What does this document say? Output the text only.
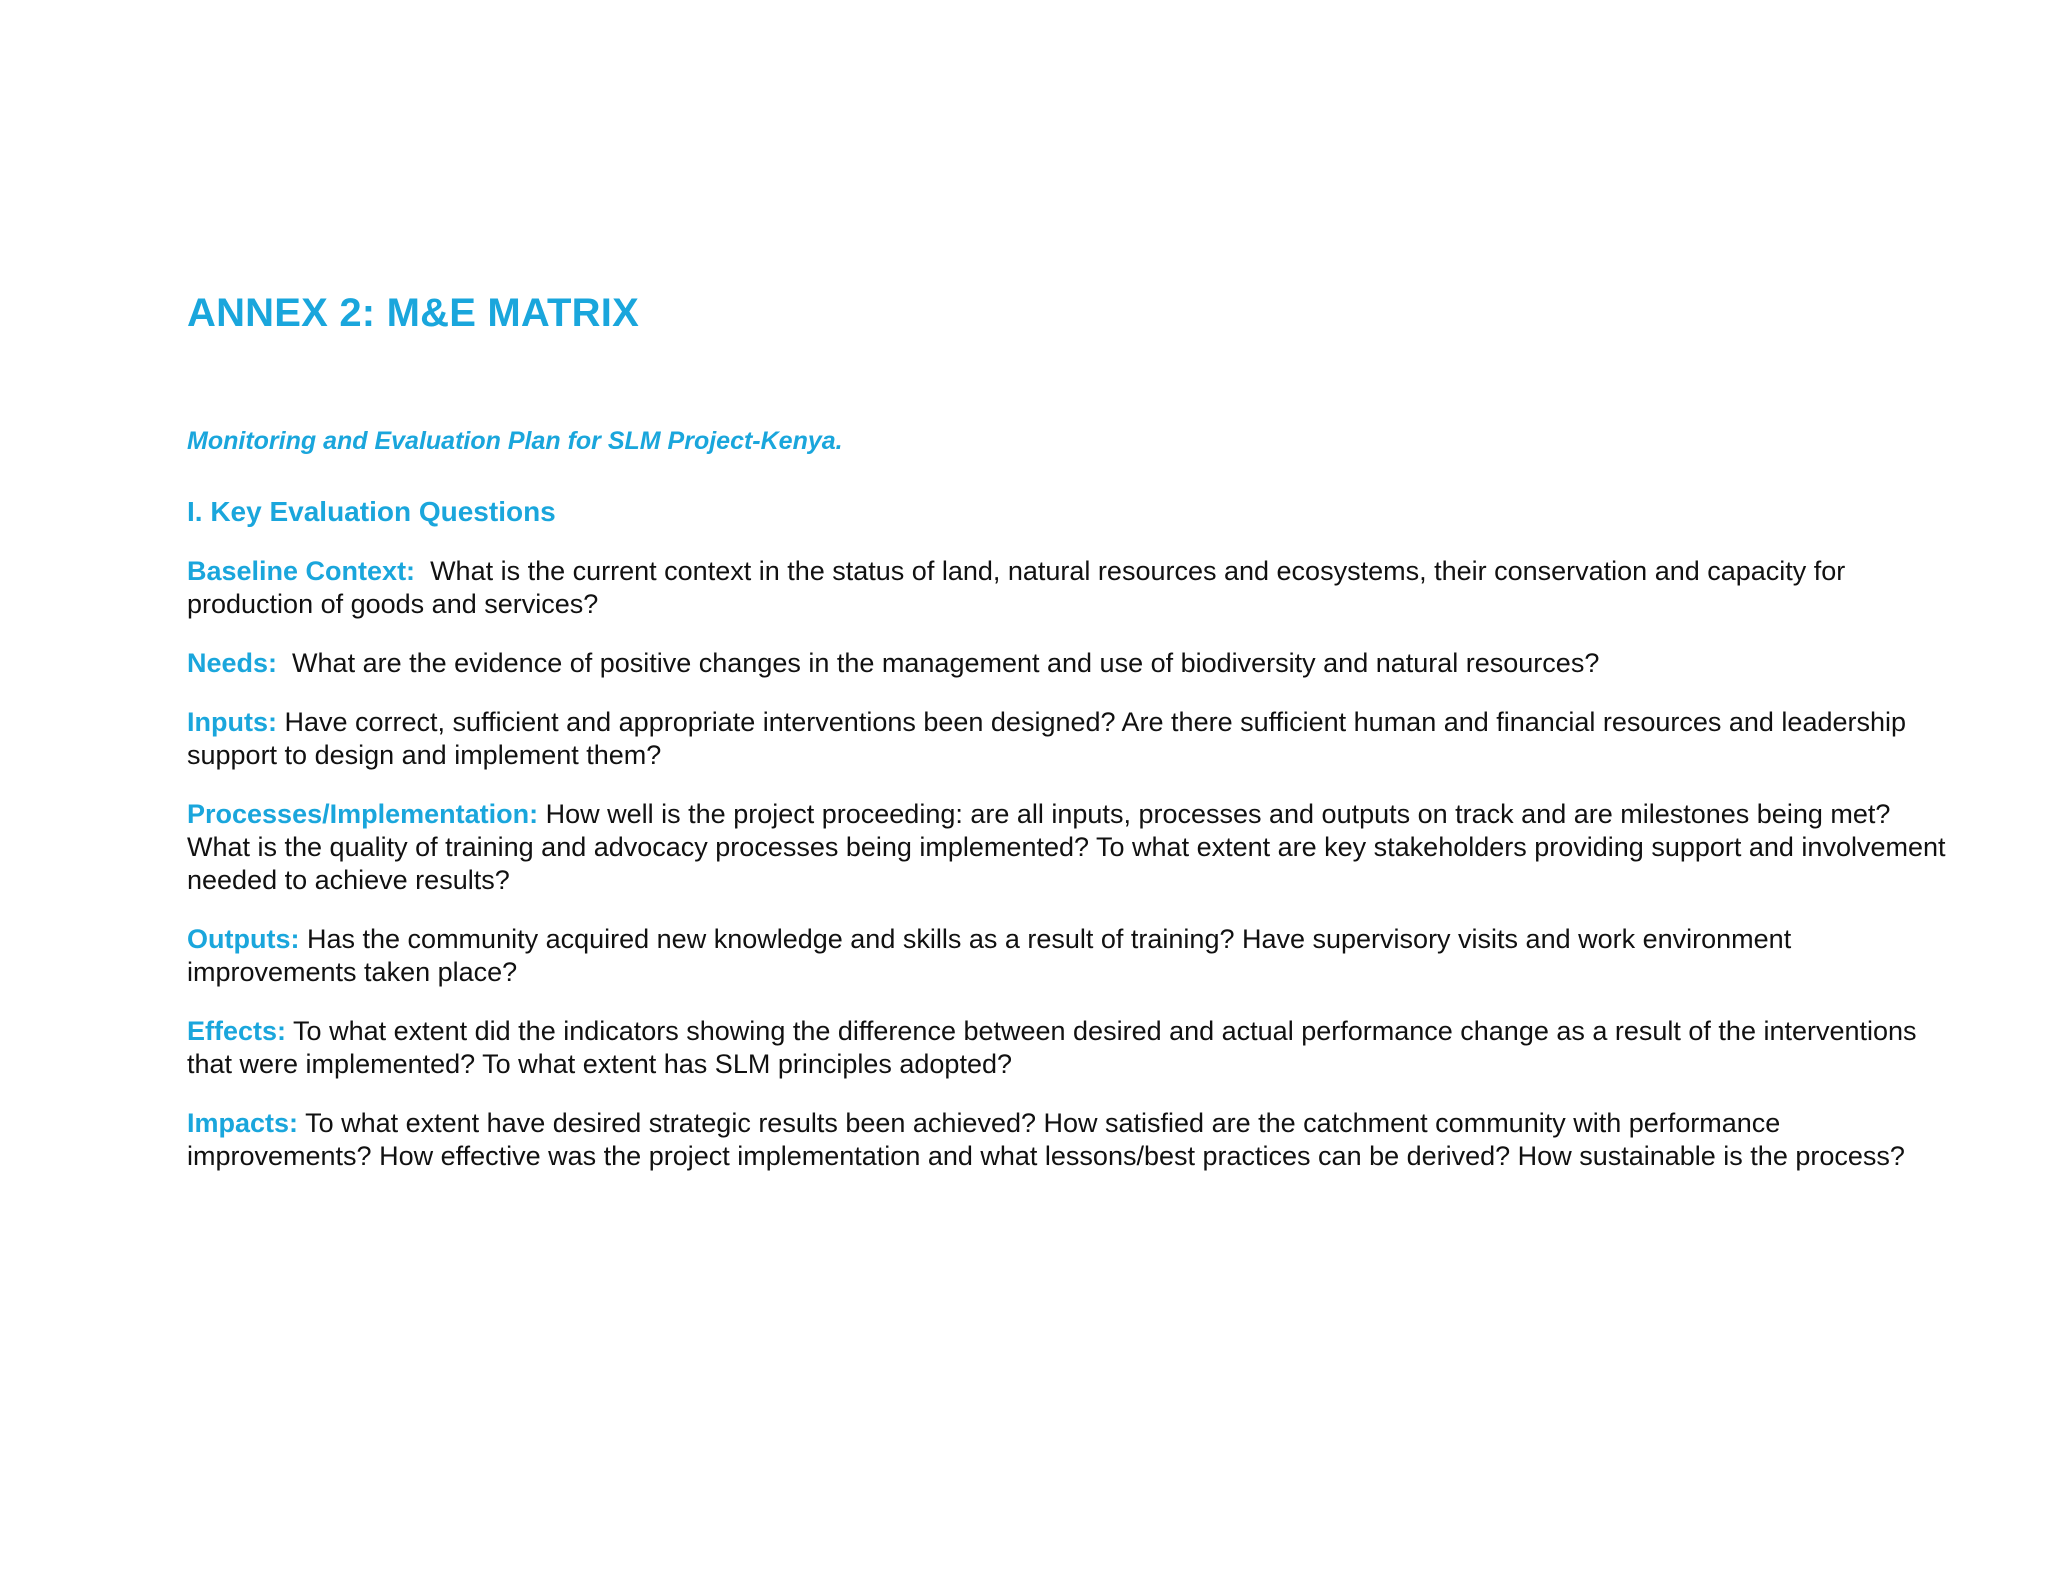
ANNEX 2: M&E MATRIX

Monitoring and Evaluation Plan for SLM Project-Kenya.

I. Key Evaluation Questions

Baseline Context: What is the current context in the status of land, natural resources and ecosystems, their conservation and capacity for production of goods and services?

Needs: What are the evidence of positive changes in the management and use of biodiversity and natural resources?

Inputs: Have correct, sufficient and appropriate interventions been designed? Are there sufficient human and financial resources and leadership support to design and implement them?

Processes/Implementation: How well is the project proceeding: are all inputs, processes and outputs on track and are milestones being met? What is the quality of training and advocacy processes being implemented? To what extent are key stakeholders providing support and involvement needed to achieve results?

Outputs: Has the community acquired new knowledge and skills as a result of training? Have supervisory visits and work environment improvements taken place?

Effects: To what extent did the indicators showing the difference between desired and actual performance change as a result of the interventions that were implemented? To what extent has SLM principles adopted?

Impacts: To what extent have desired strategic results been achieved? How satisfied are the catchment community with performance improvements? How effective was the project implementation and what lessons/best practices can be derived? How sustainable is the process?
